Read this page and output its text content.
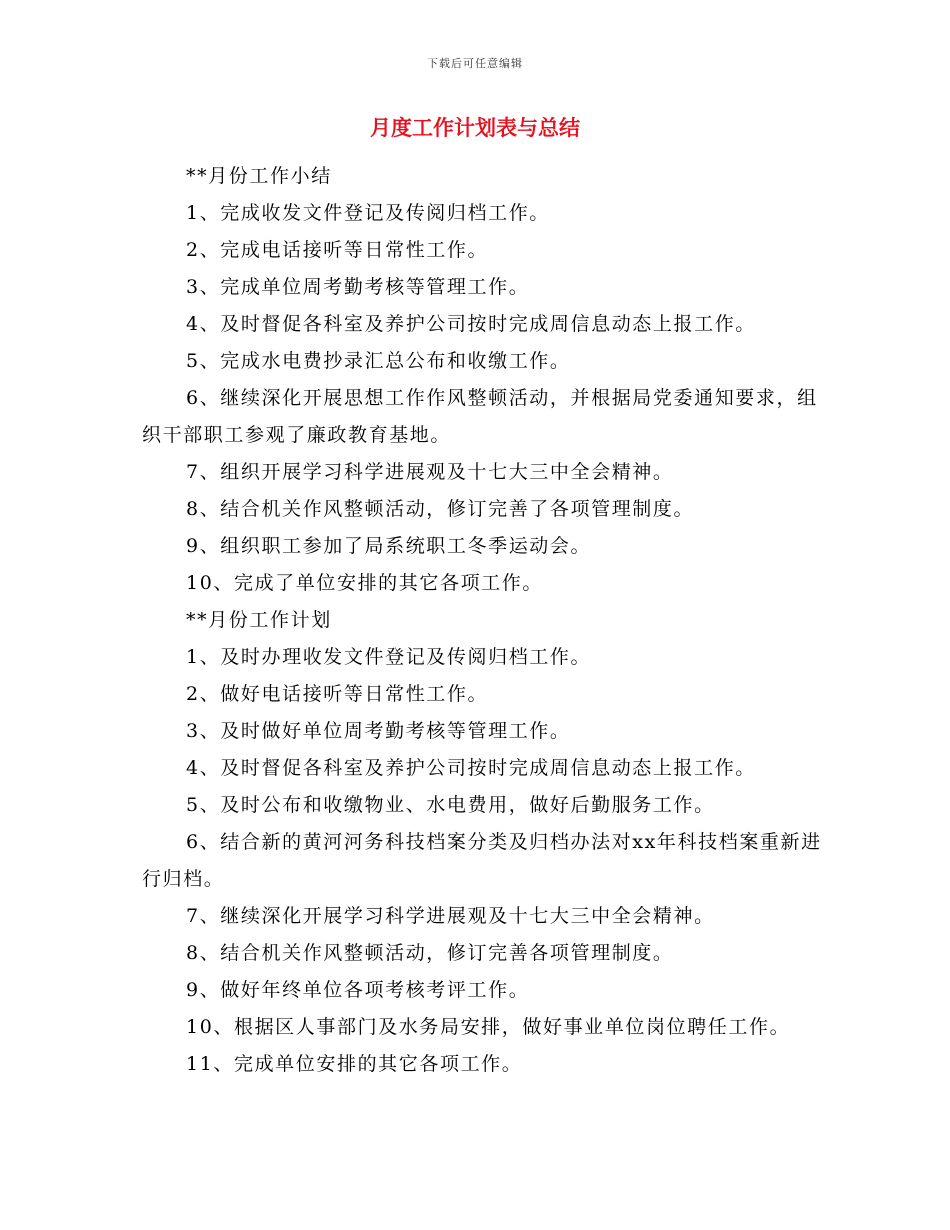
下载后可任意编辑
月度工作计划表与总结

**月份工作小结

1、完成收发文件登记及传阅归档工作。

2、完成电话接听等日常性工作。

3、完成单位周考勤考核等管理工作。

4、及时督促各科室及养护公司按时完成周信息动态上报工作。

5、完成水电费抄录汇总公布和收缴工作。

6、继续深化开展思想工作作风整顿活动，并根据局党委通知要求，组织干部职工参观了廉政教育基地。

7、组织开展学习科学进展观及十七大三中全会精神。

8、结合机关作风整顿活动，修订完善了各项管理制度。

9、组织职工参加了局系统职工冬季运动会。

10、完成了单位安排的其它各项工作。

**月份工作计划

1、及时办理收发文件登记及传阅归档工作。

2、做好电话接听等日常性工作。

3、及时做好单位周考勤考核等管理工作。

4、及时督促各科室及养护公司按时完成周信息动态上报工作。

5、及时公布和收缴物业、水电费用，做好后勤服务工作。

6、结合新的黄河河务科技档案分类及归档办法对xx年科技档案重新进行归档。

7、继续深化开展学习科学进展观及十七大三中全会精神。

8、结合机关作风整顿活动，修订完善各项管理制度。

9、做好年终单位各项考核考评工作。

10、根据区人事部门及水务局安排，做好事业单位岗位聘任工作。

11、完成单位安排的其它各项工作。
